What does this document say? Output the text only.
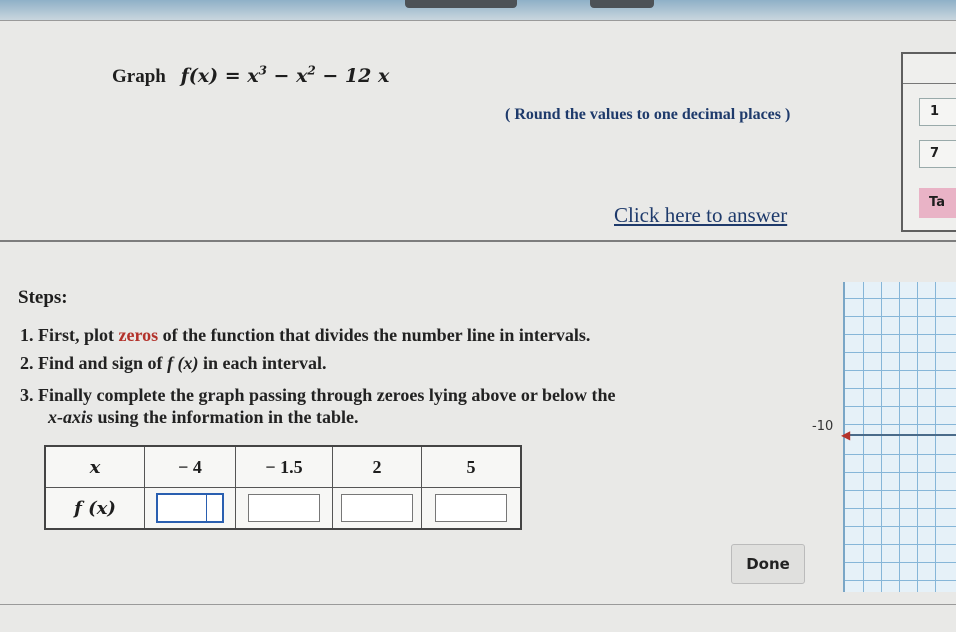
Graph $f(x) = x^3 - x^2 - 12$ x
( Round the values to one decimal places )
Click here to answer
1
7
Ta
Steps:
1. First, plot zeros of the function that divides the number line in intervals.
2. Find and sign of f (x) in each interval.
3. Finally complete the graph passing through zeroes lying above or below the
x-axis using the information in the table.
x	− 4	− 1.5	2	5
f (x)				
-10
◀
Done
